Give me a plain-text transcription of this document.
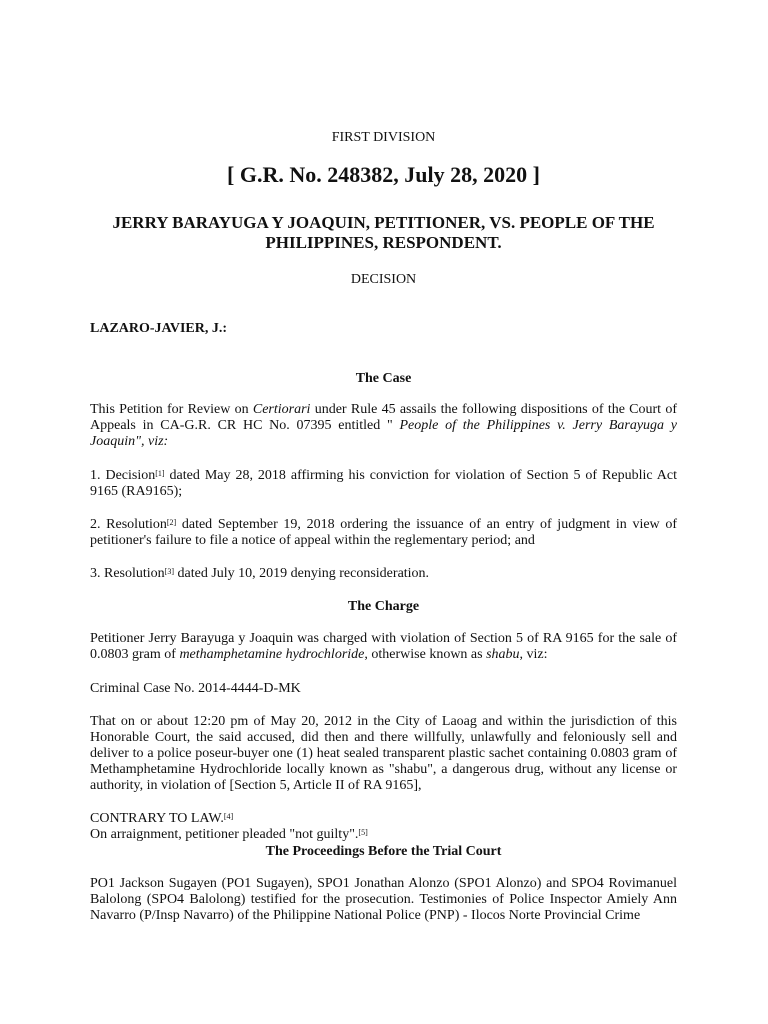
FIRST DIVISION

[ G.R. No. 248382, July 28, 2020 ]

JERRY BARAYUGA Y JOAQUIN, PETITIONER, VS. PEOPLE OF THE PHILIPPINES, RESPONDENT.

DECISION

LAZARO-JAVIER, J.:

The Case

This Petition for Review on Certiorari under Rule 45 assails the following dispositions of the Court of Appeals in CA-G.R. CR HC No. 07395 entitled " People of the Philippines v. Jerry Barayuga y Joaquin", viz:

1. Decision[1] dated May 28, 2018 affirming his conviction for violation of Section 5 of Republic Act 9165 (RA9165);

2. Resolution[2] dated September 19, 2018 ordering the issuance of an entry of judgment in view of petitioner's failure to file a notice of appeal within the reglementary period; and

3. Resolution[3] dated July 10, 2019 denying reconsideration.

The Charge

Petitioner Jerry Barayuga y Joaquin was charged with violation of Section 5 of RA 9165 for the sale of 0.0803 gram of methamphetamine hydrochloride, otherwise known as shabu, viz:

Criminal Case No. 2014-4444-D-MK

That on or about 12:20 pm of May 20, 2012 in the City of Laoag and within the jurisdiction of this Honorable Court, the said accused, did then and there willfully, unlawfully and feloniously sell and deliver to a police poseur-buyer one (1) heat sealed transparent plastic sachet containing 0.0803 gram of Methamphetamine Hydrochloride locally known as "shabu", a dangerous drug, without any license or authority, in violation of [Section 5, Article II of RA 9165],

CONTRARY TO LAW.[4]

On arraignment, petitioner pleaded "not guilty".[5]

The Proceedings Before the Trial Court

PO1 Jackson Sugayen (PO1 Sugayen), SPO1 Jonathan Alonzo (SPO1 Alonzo) and SPO4 Rovimanuel Balolong (SPO4 Balolong) testified for the prosecution. Testimonies of Police Inspector Amiely Ann Navarro (P/Insp Navarro) of the Philippine National Police (PNP) - Ilocos Norte Provincial Crime
